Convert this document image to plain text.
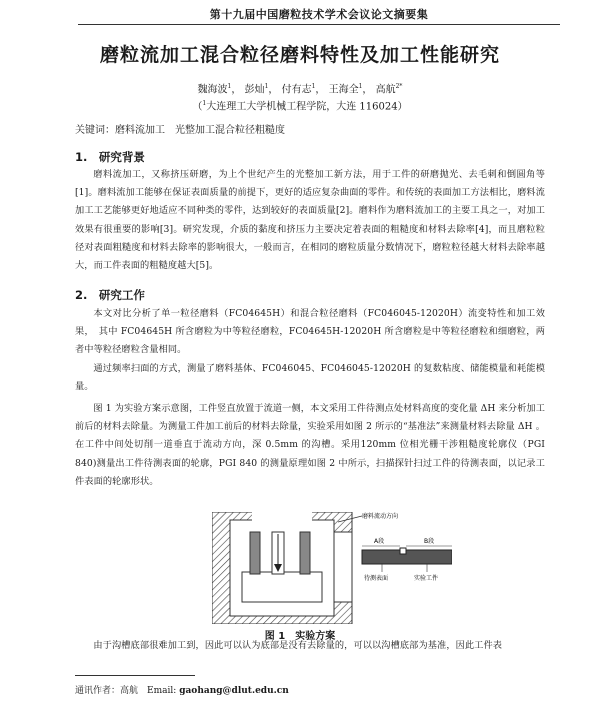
第十九届中国磨粒技术学术会议论文摘要集
磨粒流加工混合粒径磨料特性及加工性能研究
魏海波$^1$， 彭灿$^1$， 付有志$^1$， 王海全$^1$， 高航$^{2*}$
（$^1$大连理工大学机械工程学院，大连 116024）
关键词：磨料流加工　光整加工混合粒径粗糙度
1.　研究背景

磨料流加工，又称挤压研磨，为上个世纪产生的光整加工新方法，用于工件的研磨抛光、去毛刺和倒圆角等[1]。磨料流加工能够在保证表面质量的前提下，更好的适应复杂曲面的零件。和传统的表面加工方法相比，磨料流加工工艺能够更好地适应不同种类的零件，达到较好的表面质量[2]。磨料作为磨料流加工的主要工具之一，对加工效果有很重要的影响[3]。研究发现，介质的黏度和挤压力主要决定着表面的粗糙度和材料去除率[4]，而且磨粒粒径对表面粗糙度和材料去除率的影响很大，一般而言，在相同的磨粒质量分数情况下，磨粒粒径越大材料去除率越大，而工件表面的粗糙度越大[5]。

2.　研究工作

本文对比分析了单一粒径磨料（FC04645H）和混合粒径磨料（FC046045-12020H）流变特性和加工效果，　其中 FC04645H 所含磨粒为中等粒径磨粒，FC04645H-12020H 所含磨粒是中等粒径磨粒和细磨粒，两者中等粒径磨粒含量相同。

通过频率扫面的方式，测量了磨料基体、FC046045、FC046045-12020H 的复数粘度、储能模量和耗能模量。

图 1 为实验方案示意图，工件竖直放置于流道一侧，本文采用工件待测点处材料高度的变化量 ΔH 来分析加工前后的材料去除量。为测量工件加工前后的材料去除量，实验采用如图 2 所示的“基准法”来测量材料去除量 ΔH 。在工件中间处切削一道垂直于流动方向，深 0.5mm 的沟槽。采用120mm 位相光栅干涉粗糙度轮廓仪（PGI 840)测量出工件待测表面的轮廓，PGI 840 的测量原理如图 2 中所示，扫描探针扫过工件的待测表面，以记录工件表面的轮廓形状。

磨料流动方向
A段	B段
待测表面	实验工件
图 1　实验方案

由于沟槽底部很难加工到，因此可以认为底部是没有去除量的，可以以沟槽底部为基准，因此工件表

通讯作者：高航　 Email: gaohang@dlut.edu.cn
